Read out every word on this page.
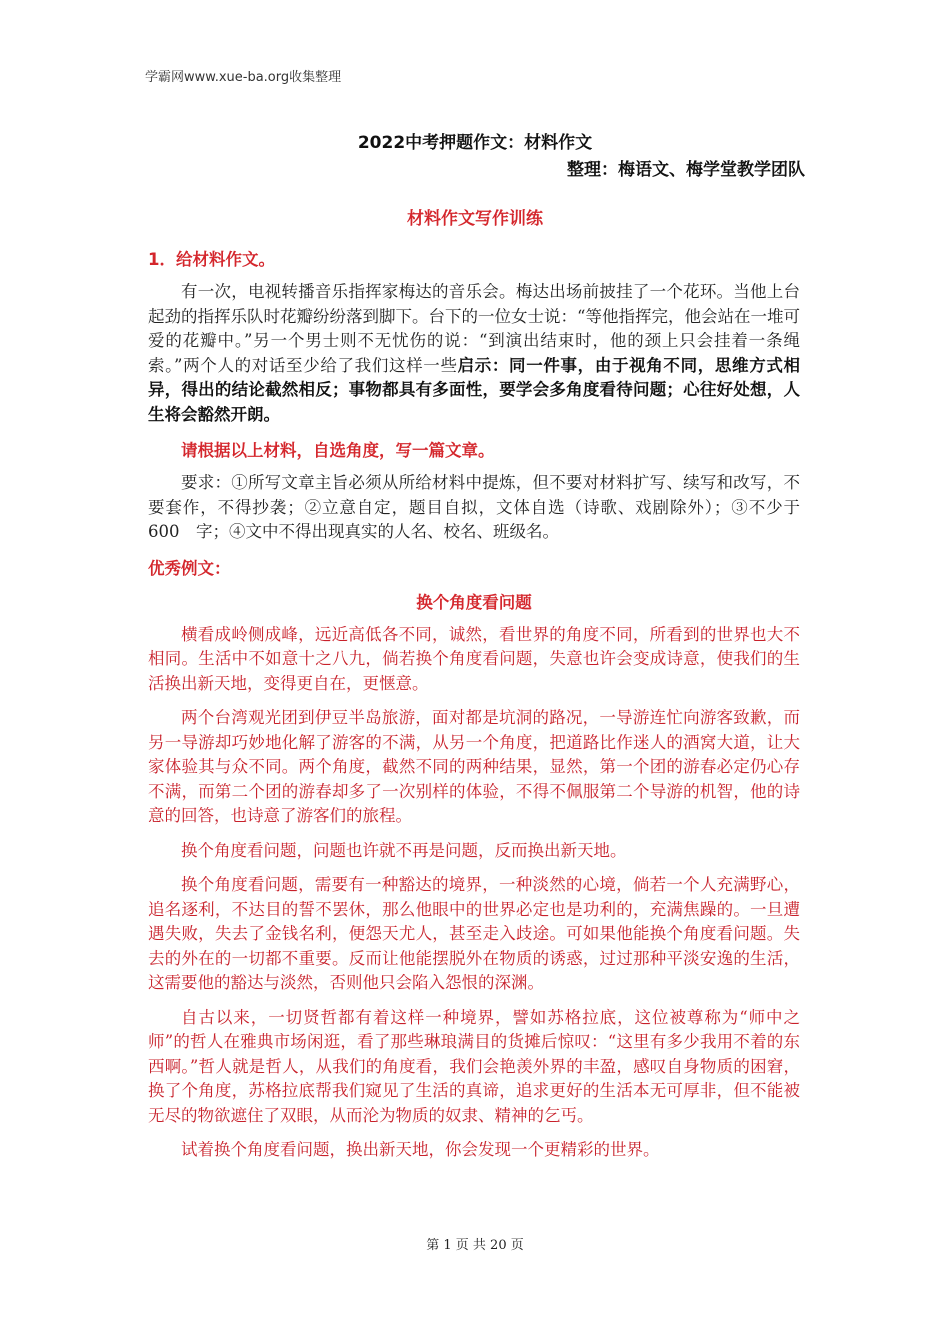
学霸网www.xue-ba.org收集整理
2022中考押题作文：材料作文
整理：梅语文、梅学堂教学团队
材料作文写作训练
1．给材料作文。

有一次，电视转播音乐指挥家梅达的音乐会。梅达出场前披挂了一个花环。当他上台起劲的指挥乐队时花瓣纷纷落到脚下。台下的一位女士说：“等他指挥完，他会站在一堆可爱的花瓣中。”另一个男士则不无忧伤的说：“到演出结束时，他的颈上只会挂着一条绳索。”两个人的对话至少给了我们这样一些启示：同一件事，由于视角不同，思维方式相异，得出的结论截然相反；事物都具有多面性，要学会多角度看待问题；心往好处想，人生将会豁然开朗。

请根据以上材料，自选角度，写一篇文章。

要求：①所写文章主旨必须从所给材料中提炼，但不要对材料扩写、续写和改写，不要套作，不得抄袭；②立意自定，题目自拟，文体自选（诗歌、戏剧除外）；③不少于　600　字；④文中不得出现真实的人名、校名、班级名。

优秀例文：
换个角度看问题

横看成岭侧成峰，远近高低各不同，诚然，看世界的角度不同，所看到的世界也大不相同。生活中不如意十之八九，倘若换个角度看问题，失意也许会变成诗意，使我们的生活换出新天地，变得更自在，更惬意。

两个台湾观光团到伊豆半岛旅游，面对都是坑洞的路况，一导游连忙向游客致歉，而另一导游却巧妙地化解了游客的不满，从另一个角度，把道路比作迷人的酒窝大道，让大家体验其与众不同。两个角度，截然不同的两种结果，显然，第一个团的游春必定仍心存不满，而第二个团的游春却多了一次别样的体验，不得不佩服第二个导游的机智，他的诗意的回答，也诗意了游客们的旅程。

换个角度看问题，问题也许就不再是问题，反而换出新天地。

换个角度看问题，需要有一种豁达的境界，一种淡然的心境，倘若一个人充满野心，追名逐利，不达目的誓不罢休，那么他眼中的世界必定也是功利的，充满焦躁的。一旦遭遇失败，失去了金钱名利，便怨天尤人，甚至走入歧途。可如果他能换个角度看问题。失去的外在的一切都不重要。反而让他能摆脱外在物质的诱惑，过过那种平淡安逸的生活，这需要他的豁达与淡然，否则他只会陷入怨恨的深渊。

自古以来，一切贤哲都有着这样一种境界，譬如苏格拉底，这位被尊称为“师中之师”的哲人在雅典市场闲逛，看了那些琳琅满目的货摊后惊叹：“这里有多少我用不着的东西啊。”哲人就是哲人，从我们的角度看，我们会艳羡外界的丰盈，感叹自身物质的困窘，换了个角度，苏格拉底帮我们窥见了生活的真谛，追求更好的生活本无可厚非，但不能被无尽的物欲遮住了双眼，从而沦为物质的奴隶、精神的乞丐。

试着换个角度看问题，换出新天地，你会发现一个更精彩的世界。

第 1 页 共 20 页
